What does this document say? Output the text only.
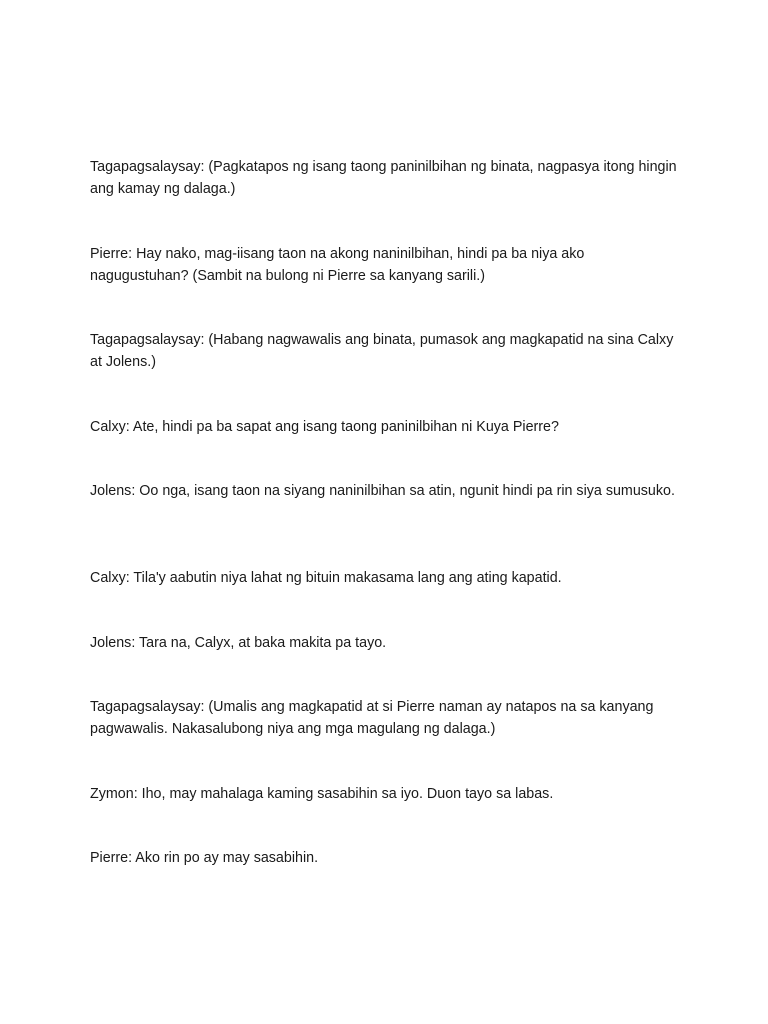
Tagapagsalaysay: (Pagkatapos ng isang taong paninilbihan ng binata, nagpasya itong hingin ang kamay ng dalaga.)

Pierre: Hay nako, mag-iisang taon na akong naninilbihan, hindi pa ba niya ako nagugustuhan? (Sambit na bulong ni Pierre sa kanyang sarili.)

Tagapagsalaysay: (Habang nagwawalis ang binata, pumasok ang magkapatid na sina Calxy at Jolens.)

Calxy: Ate, hindi pa ba sapat ang isang taong paninilbihan ni Kuya Pierre?

Jolens: Oo nga, isang taon na siyang naninilbihan sa atin, ngunit hindi pa rin siya sumusuko.

Calxy: Tila'y aabutin niya lahat ng bituin makasama lang ang ating kapatid.

Jolens: Tara na, Calyx, at baka makita pa tayo.

Tagapagsalaysay: (Umalis ang magkapatid at si Pierre naman ay natapos na sa kanyang pagwawalis. Nakasalubong niya ang mga magulang ng dalaga.)

Zymon: Iho, may mahalaga kaming sasabihin sa iyo. Duon tayo sa labas.

Pierre: Ako rin po ay may sasabihin.
